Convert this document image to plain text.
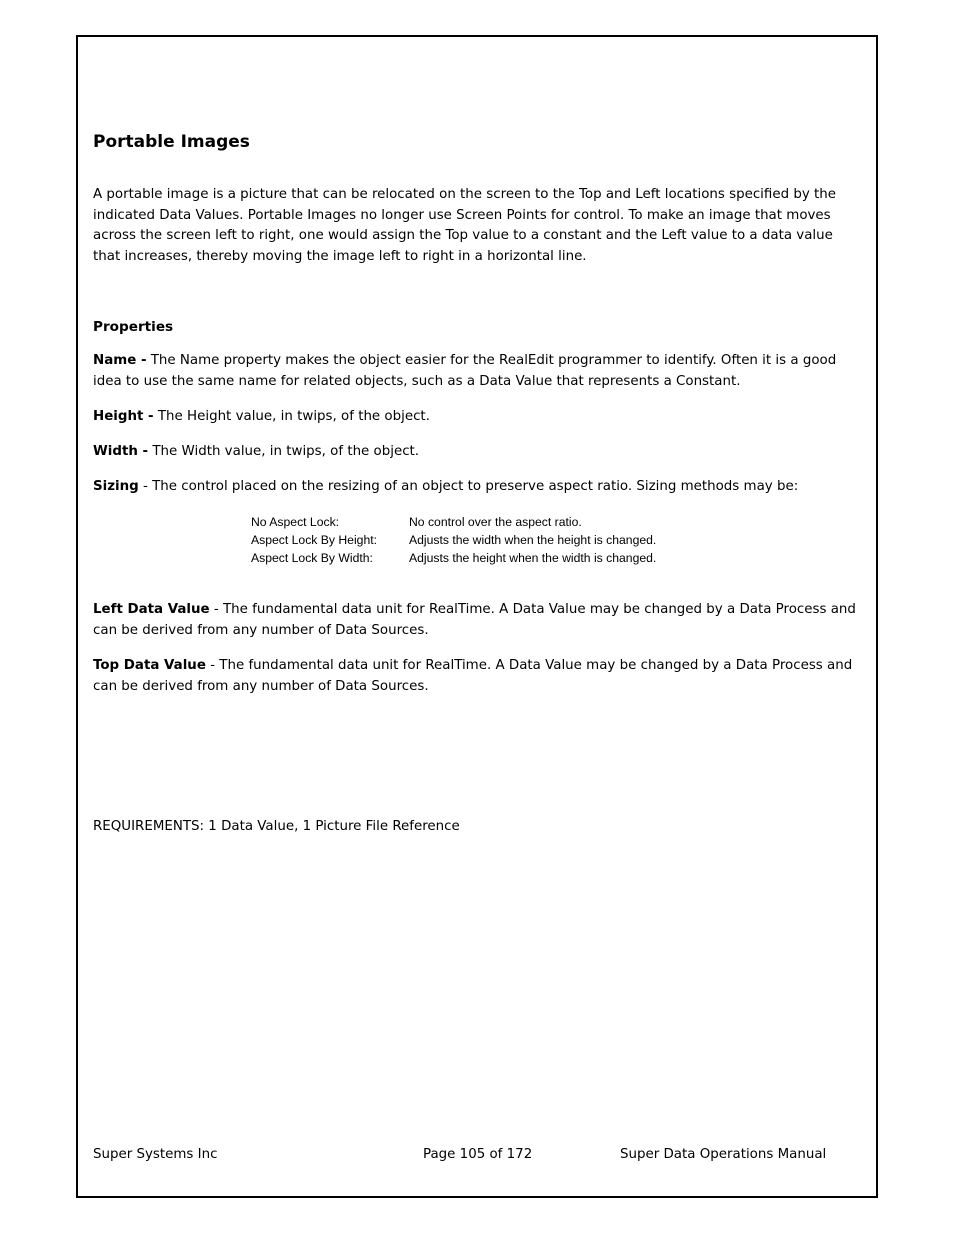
Portable Images
A portable image is a picture that can be relocated on the screen to the Top and Left locations specified by the indicated Data Values. Portable Images no longer use Screen Points for control. To make an image that moves across the screen left to right, one would assign the Top value to a constant and the Left value to a data value that increases, thereby moving the image left to right in a horizontal line.
Properties
Name - The Name property makes the object easier for the RealEdit programmer to identify. Often it is a good idea to use the same name for related objects, such as a Data Value that represents a Constant.
Height - The Height value, in twips, of the object.
Width - The Width value, in twips, of the object.
Sizing - The control placed on the resizing of an object to preserve aspect ratio. Sizing methods may be:
No Aspect Lock:	No control over the aspect ratio.
Aspect Lock By Height:	Adjusts the width when the height is changed.
Aspect Lock By Width:	Adjusts the height when the width is changed.
Left Data Value - The fundamental data unit for RealTime. A Data Value may be changed by a Data Process and can be derived from any number of Data Sources.
Top Data Value - The fundamental data unit for RealTime. A Data Value may be changed by a Data Process and can be derived from any number of Data Sources.
REQUIREMENTS: 1 Data Value, 1 Picture File Reference
Super Systems Inc	Page 105 of 172	Super Data Operations Manual
